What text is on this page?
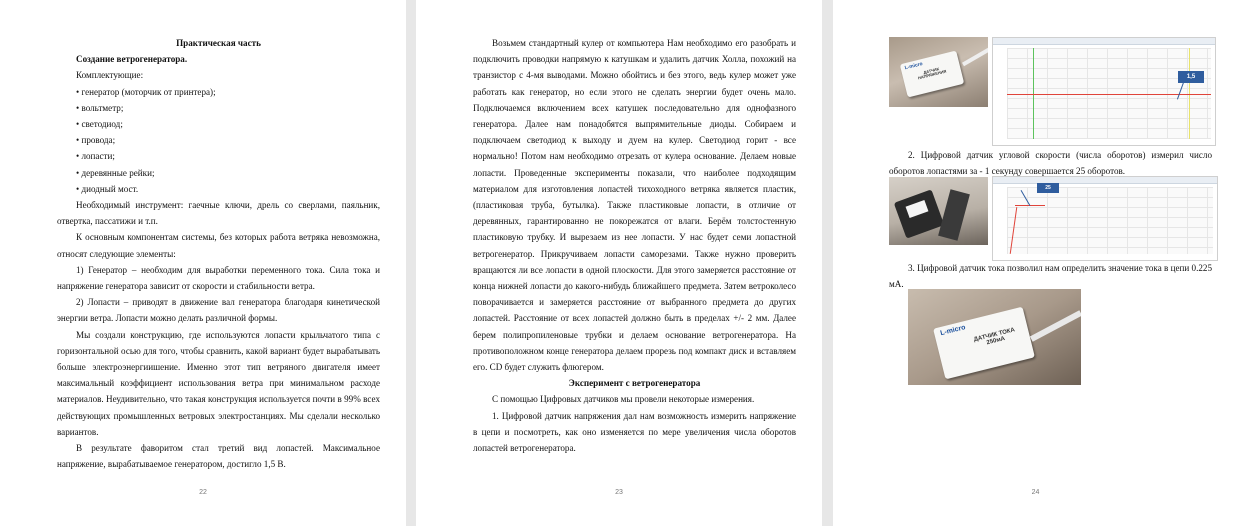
Практическая часть

Создание ветрогенератора.

Комплектующие:

• генератор (моторчик от принтера);

• вольтметр;

• светодиод;

• провода;

• лопасти;

• деревянные рейки;

• диодный мост.

Необходимый инструмент: гаечные ключи, дрель со сверлами, паяльник, отвертка, пассатижи и т.п.

К основным компонентам системы, без которых работа ветряка невозможна, относят следующие элементы:

1) Генератор – необходим для выработки переменного тока. Сила тока и напряжение генератора зависит от скорости и стабильности ветра.

2) Лопасти – приводят в движение вал генератора благодаря кинетической энергии ветра. Лопасти можно делать различной формы.

Мы создали конструкцию, где используются лопасти крыльчатого типа с горизонтальной осью для того, чтобы сравнить, какой вариант будет вырабатывать больше электроэнергиишение. Именно этот тип ветряного двигателя имеет максимальный коэффициент использования ветра при минимальном расходе материалов. Неудивительно, что такая конструкция используется почти в 99% всех действующих промышленных ветровых электростанциях. Мы сделали несколько вариантов.

В результате фаворитом стал третий вид лопастей. Максимальное напряжение, вырабатываемое генератором, достигло 1,5 В.

22

Возьмем стандартный кулер от компьютера Нам необходимо его разобрать и подключить проводки напрямую к катушкам и удалить датчик Холла, похожий на транзистор с 4-мя выводами. Можно обойтись и без этого, ведь кулер может уже работать как генератор, но если этого не сделать энергии будет очень мало. Подключаемся включением всех катушек последовательно для однофазного генератора. Далее нам понадобятся выпрямительные диоды. Собираем и подключаем светодиод к выходу и дуем на кулер. Светодиод горит - все нормально! Потом нам необходимо отрезать от кулера основание. Делаем новые лопасти. Проведенные эксперименты показали, что наиболее подходящим материалом для изготовления лопастей тихоходного ветряка является пластик, (пластиковая труба, бутылка). Также пластиковые лопасти, в отличие от деревянных, гарантированно не покорежатся от влаги. Берём толстостенную пластиковую трубку. И вырезаем из нее лопасти. У нас будет семи лопастной ветрогенератор. Прикручиваем лопасти саморезами. Также нужно проверить вращаются ли все лопасти в одной плоскости. Для этого замеряется расстояние от конца нижней лопасти до какого-нибудь ближайшего предмета. Затем ветроколесо поворачивается и замеряется расстояние от выбранного предмета до других лопастей. Расстояние от всех лопастей должно быть в пределах +/- 2 мм. Далее берем полипропиленовые трубки и делаем основание ветрогенератора. На противоположном конце генератора делаем прорезь под компакт диск и вставляем его. CD будет служить флюгером.

Эксперимент с ветрогенератора

С помощью Цифровых датчиков мы провели некоторые измерения.

1. Цифровой датчик напряжения дал нам возможность измерить напряжение в цепи и посмотреть, как оно изменяется по мере увеличения числа оборотов лопастей ветрогенератора.

23
L-micro ДАТЧИК НАПРЯЖЕНИЯ	1,5

2. Цифровой датчик угловой скорости (числа оборотов) измерил число оборотов лопастями за - 1 секунду совершается 25 оборотов.

25

3. Цифровой датчик тока позволил нам определить значение тока в цепи 0.225 мА.

L-micro	ДАТЧИК ТОКА 250мА
24
